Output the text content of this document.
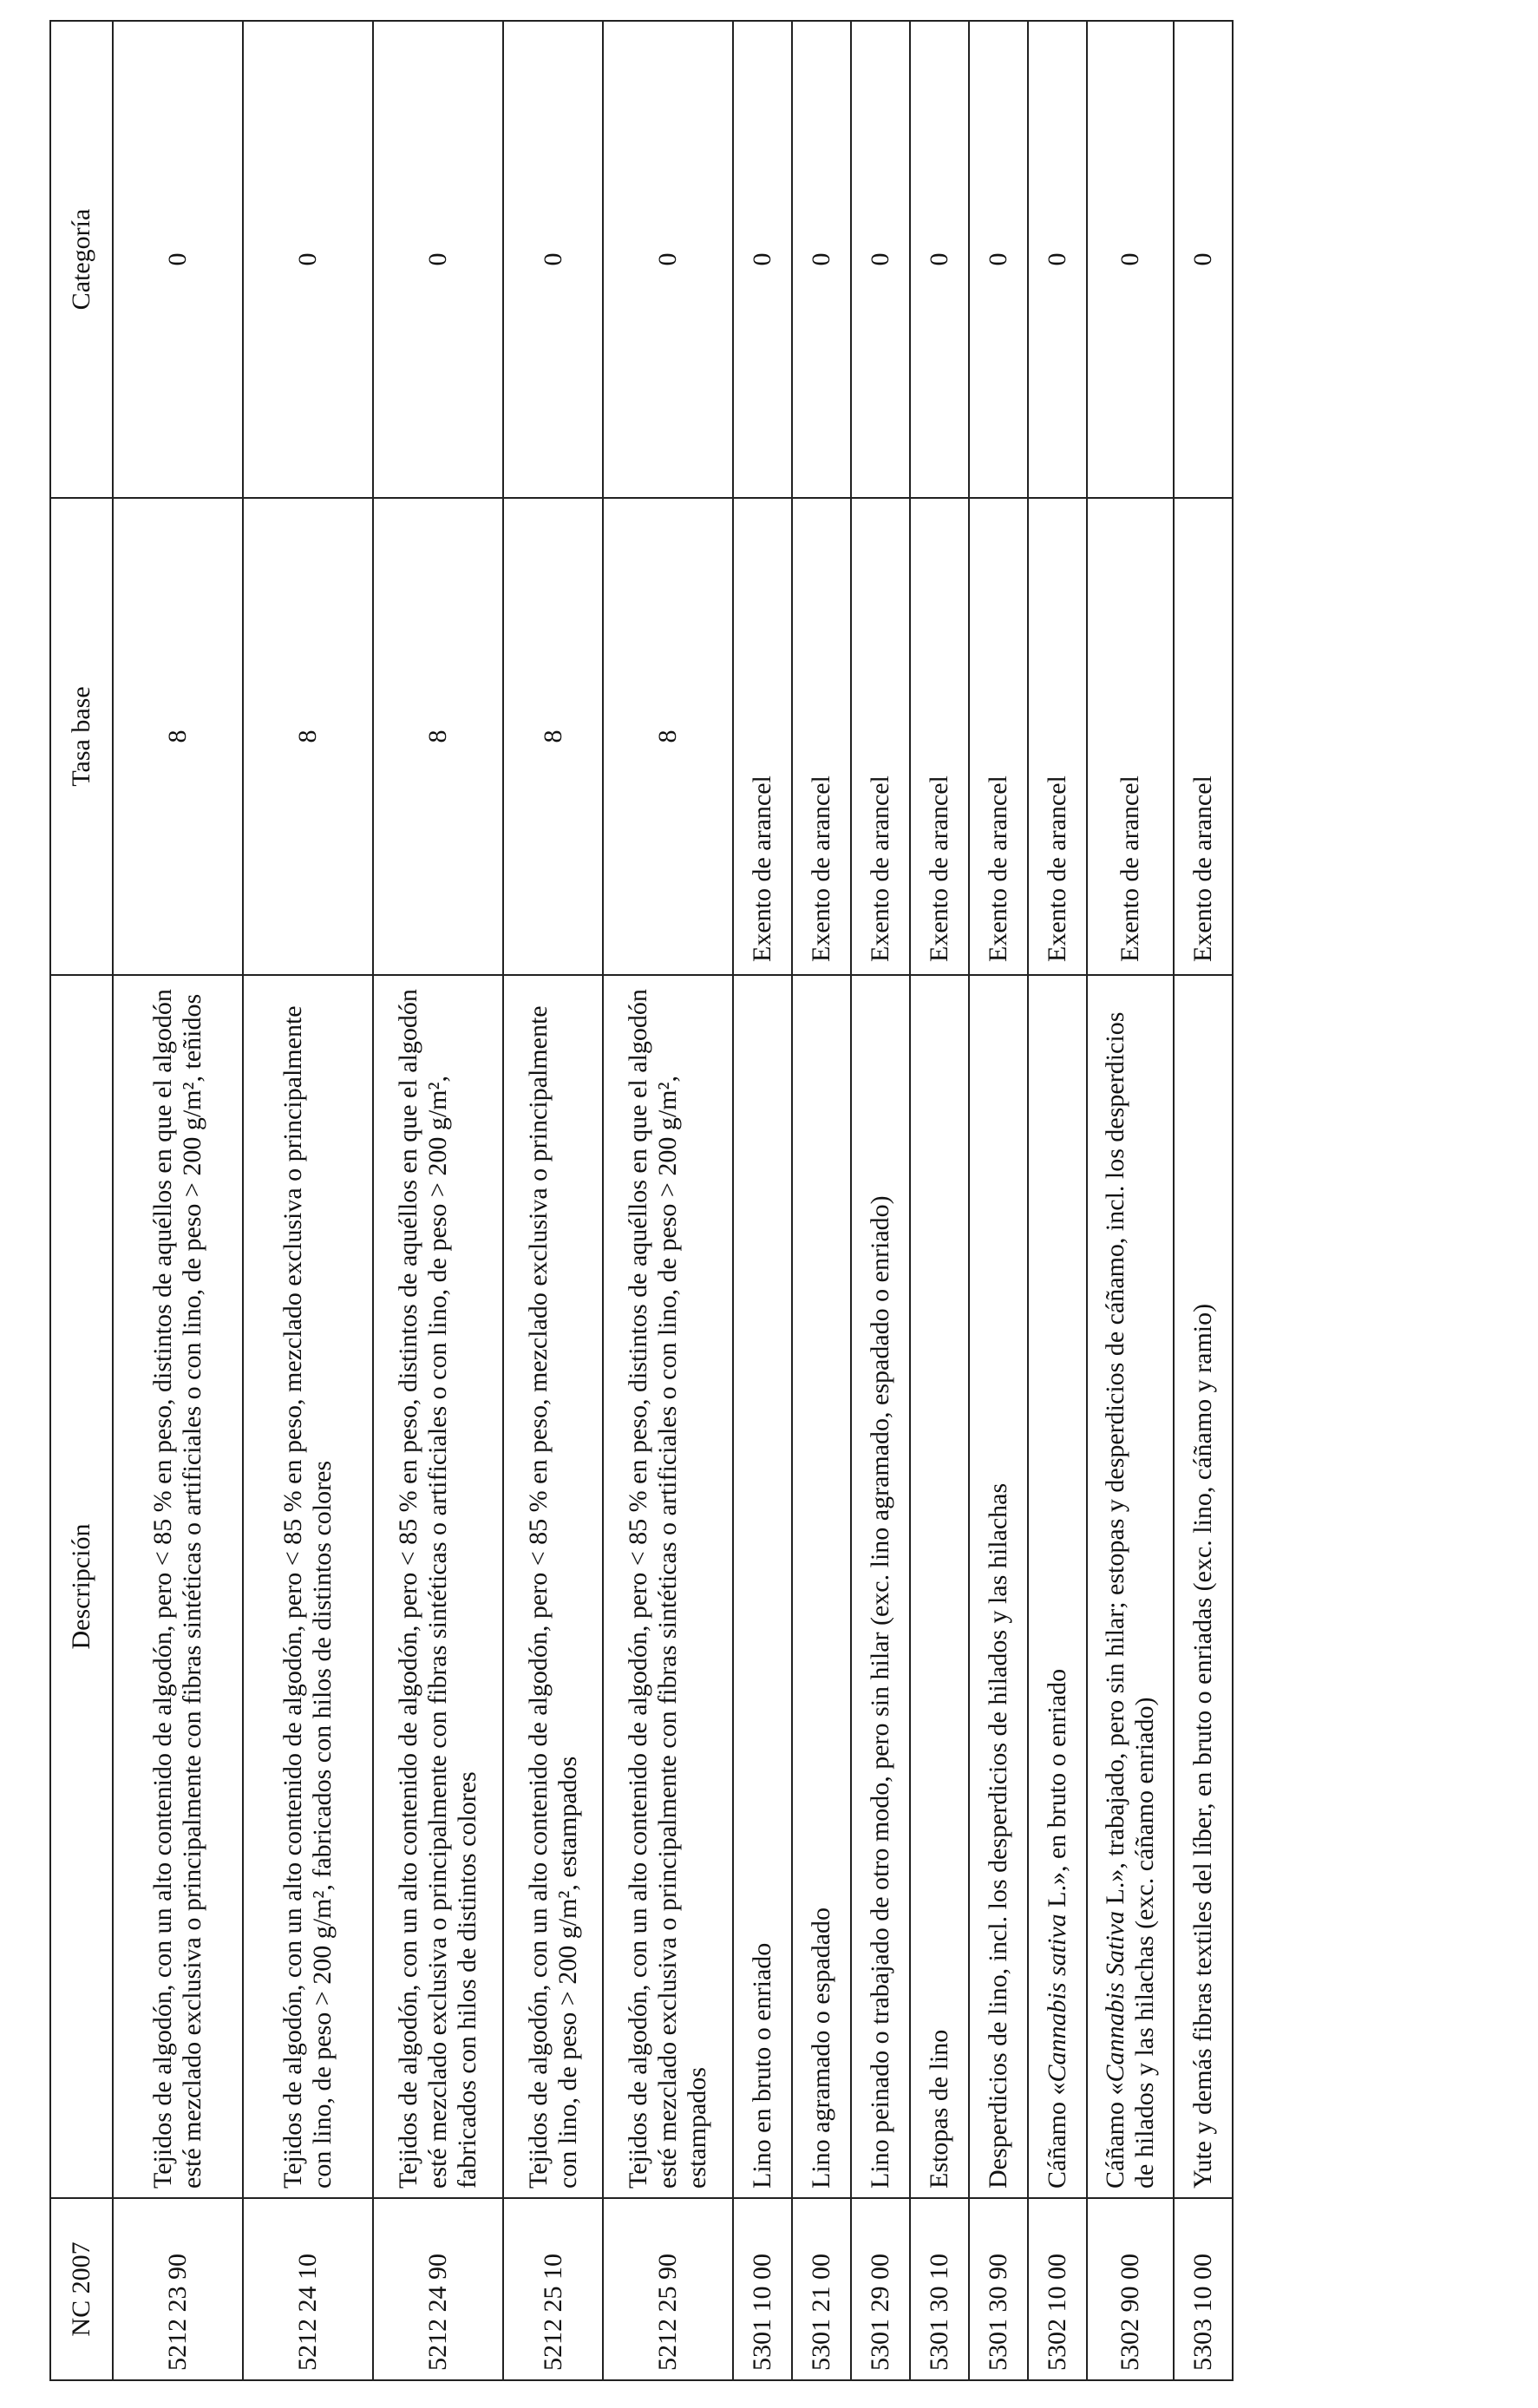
NC 2007	Descripción	Tasa base	Categoría
5212 23 90	Tejidos de algodón, con un alto contenido de algodón, pero < 85 % en peso, distintos de aquéllos en que el algodón esté mezclado exclusiva o principalmente con fibras sintéticas o artificiales o con lino, de peso > 200 g/m², teñidos	8	0
5212 24 10	Tejidos de algodón, con un alto contenido de algodón, pero < 85 % en peso, mezclado exclusiva o principalmente con lino, de peso > 200 g/m², fabricados con hilos de distintos colores	8	0
5212 24 90	Tejidos de algodón, con un alto contenido de algodón, pero < 85 % en peso, distintos de aquéllos en que el algodón esté mezclado exclusiva o principalmente con fibras sintéticas o artificiales o con lino, de peso > 200 g/m², fabricados con hilos de distintos colores	8	0
5212 25 10	Tejidos de algodón, con un alto contenido de algodón, pero < 85 % en peso, mezclado exclusiva o principalmente con lino, de peso > 200 g/m², estampados	8	0
5212 25 90	Tejidos de algodón, con un alto contenido de algodón, pero < 85 % en peso, distintos de aquéllos en que el algodón esté mezclado exclusiva o principalmente con fibras sintéticas o artificiales o con lino, de peso > 200 g/m², estampados	8	0
5301 10 00	Lino en bruto o enriado	Exento de arancel	0
5301 21 00	Lino agramado o espadado	Exento de arancel	0
5301 29 00	Lino peinado o trabajado de otro modo, pero sin hilar (exc. lino agramado, espadado o enriado)	Exento de arancel	0
5301 30 10	Estopas de lino	Exento de arancel	0
5301 30 90	Desperdicios de lino, incl. los desperdicios de hilados y las hilachas	Exento de arancel	0
5302 10 00	Cáñamo «Cannabis sativa L.», en bruto o enriado	Exento de arancel	0
5302 90 00	Cáñamo «Cannabis Sativa L.», trabajado, pero sin hilar; estopas y desperdicios de cáñamo, incl. los desperdicios de hilados y las hilachas (exc. cáñamo enriado)	Exento de arancel	0
5303 10 00	Yute y demás fibras textiles del líber, en bruto o enriadas (exc. lino, cáñamo y ramio)	Exento de arancel	0
